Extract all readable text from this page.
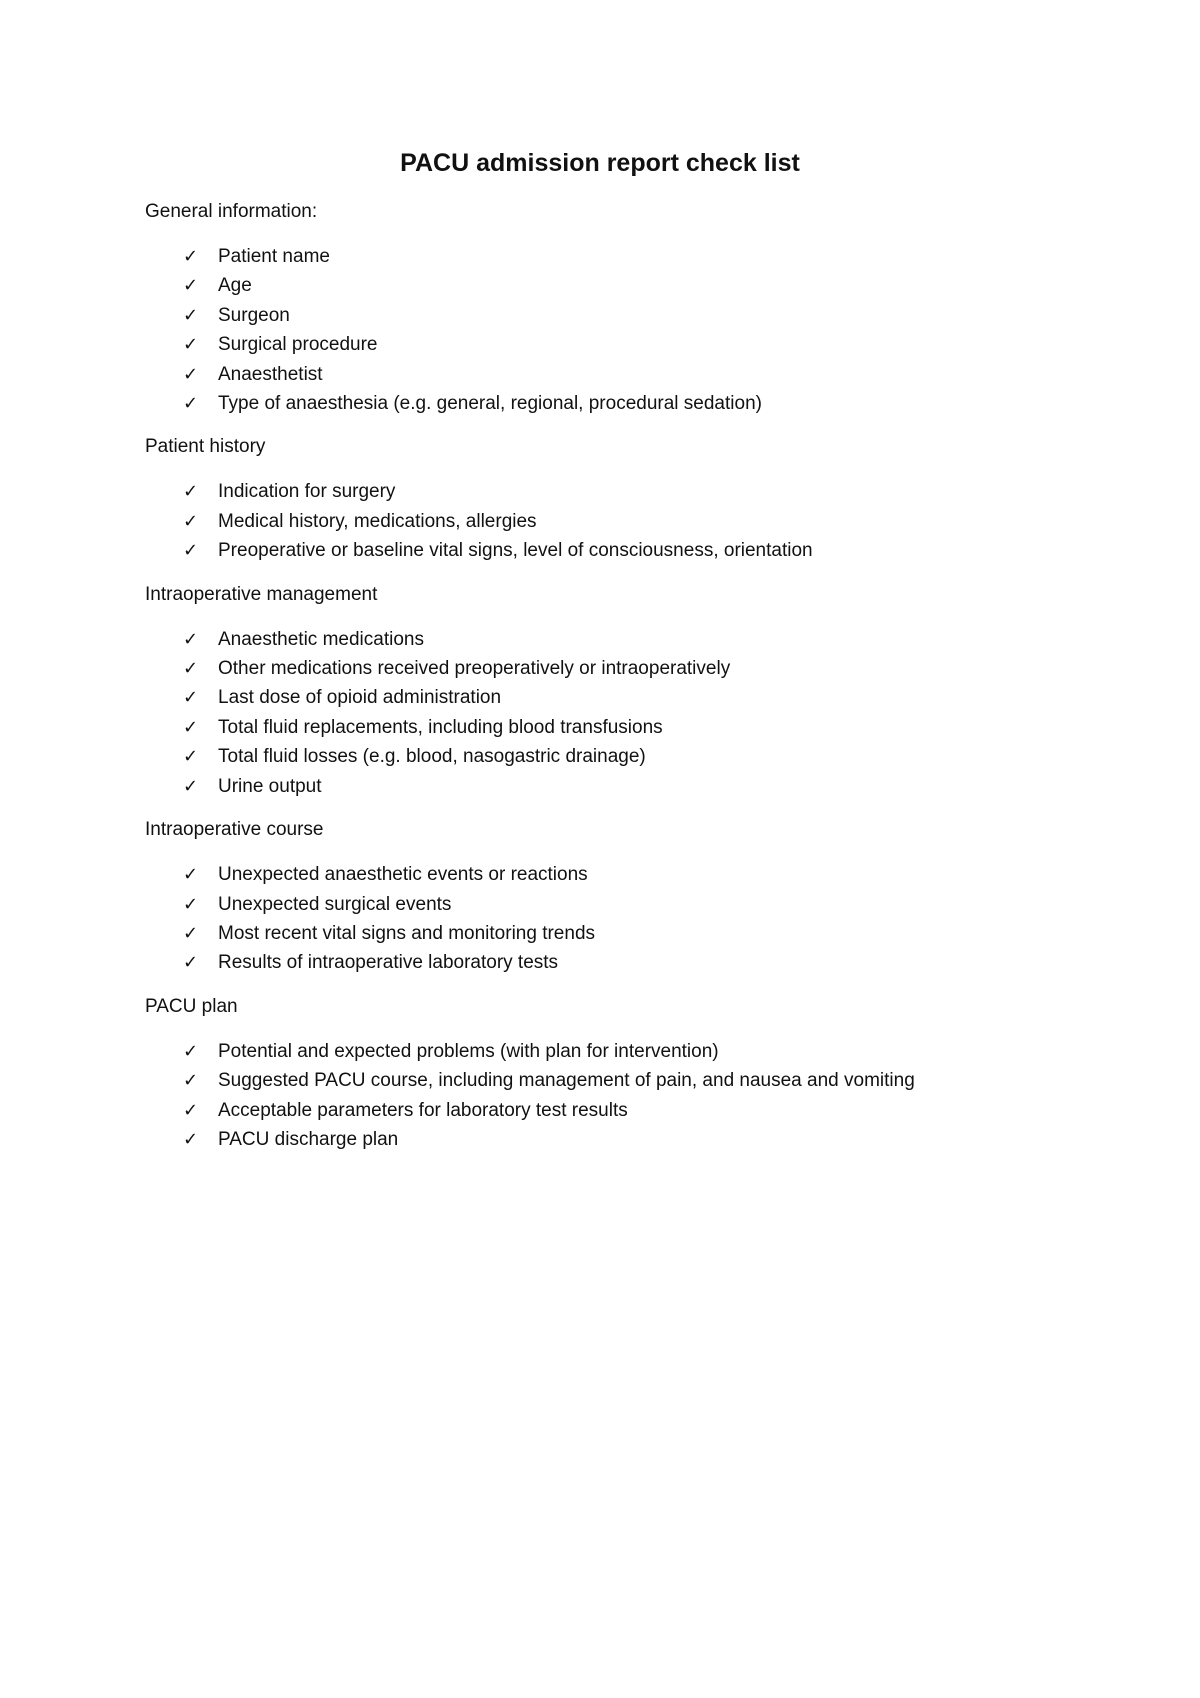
PACU admission report check list

General information:

✓ Patient name
✓ Age
✓ Surgeon
✓ Surgical procedure
✓ Anaesthetist
✓ Type of anaesthesia (e.g. general, regional, procedural sedation)

Patient history

✓ Indication for surgery
✓ Medical history, medications, allergies
✓ Preoperative or baseline vital signs, level of consciousness, orientation

Intraoperative management

✓ Anaesthetic medications
✓ Other medications received preoperatively or intraoperatively
✓ Last dose of opioid administration
✓ Total fluid replacements, including blood transfusions
✓ Total fluid losses (e.g. blood, nasogastric drainage)
✓ Urine output

Intraoperative course

✓ Unexpected anaesthetic events or reactions
✓ Unexpected surgical events
✓ Most recent vital signs and monitoring trends
✓ Results of intraoperative laboratory tests

PACU plan

✓ Potential and expected problems (with plan for intervention)
✓ Suggested PACU course, including management of pain, and nausea and vomiting
✓ Acceptable parameters for laboratory test results
✓ PACU discharge plan
